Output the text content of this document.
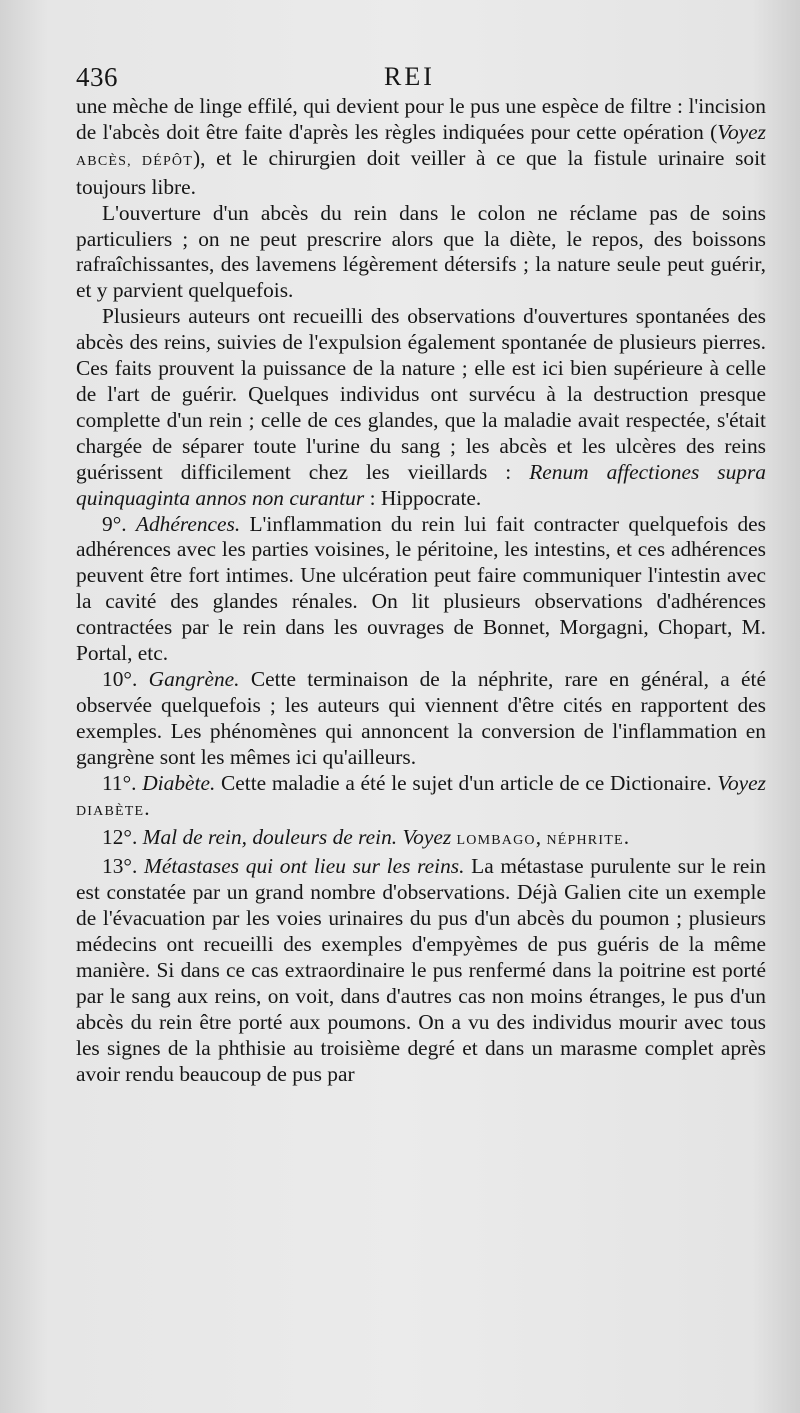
436	REI

une mèche de linge effilé, qui devient pour le pus une espèce de filtre : l'incision de l'abcès doit être faite d'après les règles indiquées pour cette opération (Voyez ABCÈS, DÉPÔT), et le chirurgien doit veiller à ce que la fistule urinaire soit toujours libre.

L'ouverture d'un abcès du rein dans le colon ne réclame pas de soins particuliers ; on ne peut prescrire alors que la diète, le repos, des boissons rafraîchissantes, des lavemens légèrement détersifs ; la nature seule peut guérir, et y parvient quelquefois.

Plusieurs auteurs ont recueilli des observations d'ouvertures spontanées des abcès des reins, suivies de l'expulsion également spontanée de plusieurs pierres. Ces faits prouvent la puissance de la nature ; elle est ici bien supérieure à celle de l'art de guérir. Quelques individus ont survécu à la destruction presque complette d'un rein ; celle de ces glandes, que la maladie avait respectée, s'était chargée de séparer toute l'urine du sang ; les abcès et les ulcères des reins guérissent difficilement chez les vieillards : Renum affectiones supra quinquaginta annos non curantur : Hippocrate.

9°. Adhérences. L'inflammation du rein lui fait contracter quelquefois des adhérences avec les parties voisines, le péritoine, les intestins, et ces adhérences peuvent être fort intimes. Une ulcération peut faire communiquer l'intestin avec la cavité des glandes rénales. On lit plusieurs observations d'adhérences contractées par le rein dans les ouvrages de Bonnet, Morgagni, Chopart, M. Portal, etc.

10°. Gangrène. Cette terminaison de la néphrite, rare en général, a été observée quelquefois ; les auteurs qui viennent d'être cités en rapportent des exemples. Les phénomènes qui annoncent la conversion de l'inflammation en gangrène sont les mêmes ici qu'ailleurs.

11°. Diabète. Cette maladie a été le sujet d'un article de ce Dictionaire. Voyez DIABÈTE.

12°. Mal de rein, douleurs de rein. Voyez LOMBAGO, NÉPHRITE.

13°. Métastases qui ont lieu sur les reins. La métastase purulente sur le rein est constatée par un grand nombre d'observations. Déjà Galien cite un exemple de l'évacuation par les voies urinaires du pus d'un abcès du poumon ; plusieurs médecins ont recueilli des exemples d'empyèmes de pus guéris de la même manière. Si dans ce cas extraordinaire le pus renfermé dans la poitrine est porté par le sang aux reins, on voit, dans d'autres cas non moins étranges, le pus d'un abcès du rein être porté aux poumons. On a vu des individus mourir avec tous les signes de la phthisie au troisième degré et dans un marasme complet après avoir rendu beaucoup de pus par
